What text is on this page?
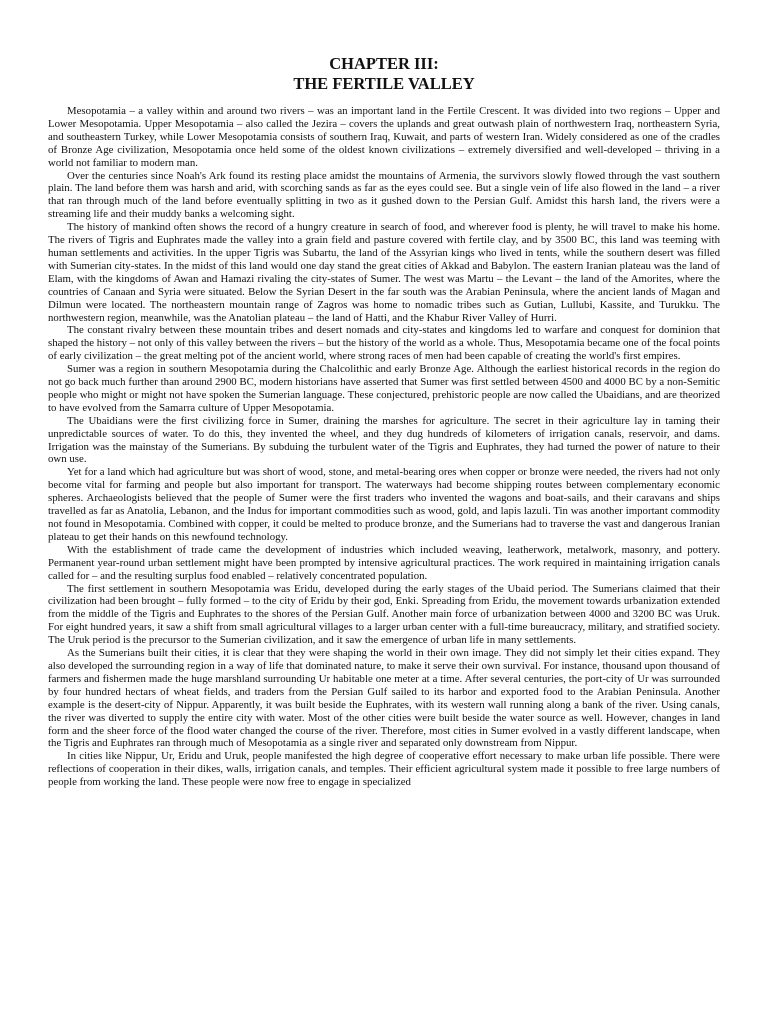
CHAPTER III:
THE FERTILE VALLEY

Mesopotamia – a valley within and around two rivers – was an important land in the Fertile Crescent. It was divided into two regions – Upper and Lower Mesopotamia. Upper Mesopotamia – also called the Jezira – covers the uplands and great outwash plain of northwestern Iraq, northeastern Syria, and southeastern Turkey, while Lower Mesopotamia consists of southern Iraq, Kuwait, and parts of western Iran. Widely considered as one of the cradles of Bronze Age civilization, Mesopotamia once held some of the oldest known civilizations – extremely diversified and well-developed – thriving in a world not familiar to modern man.

Over the centuries since Noah's Ark found its resting place amidst the mountains of Armenia, the survivors slowly flowed through the vast southern plain. The land before them was harsh and arid, with scorching sands as far as the eyes could see. But a single vein of life also flowed in the land – a river that ran through much of the land before eventually splitting in two as it gushed down to the Persian Gulf. Amidst this harsh land, the rivers were a streaming life and their muddy banks a welcoming sight.

The history of mankind often shows the record of a hungry creature in search of food, and wherever food is plenty, he will travel to make his home. The rivers of Tigris and Euphrates made the valley into a grain field and pasture covered with fertile clay, and by 3500 BC, this land was teeming with human settlements and activities. In the upper Tigris was Subartu, the land of the Assyrian kings who lived in tents, while the southern desert was filled with Sumerian city-states. In the midst of this land would one day stand the great cities of Akkad and Babylon. The eastern Iranian plateau was the land of Elam, with the kingdoms of Awan and Hamazi rivaling the city-states of Sumer. The west was Martu – the Levant – the land of the Amorites, where the countries of Canaan and Syria were situated. Below the Syrian Desert in the far south was the Arabian Peninsula, where the ancient lands of Magan and Dilmun were located. The northeastern mountain range of Zagros was home to nomadic tribes such as Gutian, Lullubi, Kassite, and Turukku. The northwestern region, meanwhile, was the Anatolian plateau – the land of Hatti, and the Khabur River Valley of Hurri.

The constant rivalry between these mountain tribes and desert nomads and city-states and kingdoms led to warfare and conquest for dominion that shaped the history – not only of this valley between the rivers – but the history of the world as a whole. Thus, Mesopotamia became one of the focal points of early civilization – the great melting pot of the ancient world, where strong races of men had been capable of creating the world's first empires.

Sumer was a region in southern Mesopotamia during the Chalcolithic and early Bronze Age. Although the earliest historical records in the region do not go back much further than around 2900 BC, modern historians have asserted that Sumer was first settled between 4500 and 4000 BC by a non-Semitic people who might or might not have spoken the Sumerian language. These conjectured, prehistoric people are now called the Ubaidians, and are theorized to have evolved from the Samarra culture of Upper Mesopotamia.

The Ubaidians were the first civilizing force in Sumer, draining the marshes for agriculture. The secret in their agriculture lay in taming their unpredictable sources of water. To do this, they invented the wheel, and they dug hundreds of kilometers of irrigation canals, reservoir, and dams. Irrigation was the mainstay of the Sumerians. By subduing the turbulent water of the Tigris and Euphrates, they had turned the power of nature to their own use.

Yet for a land which had agriculture but was short of wood, stone, and metal-bearing ores when copper or bronze were needed, the rivers had not only become vital for farming and people but also important for transport. The waterways had become shipping routes between complementary economic spheres. Archaeologists believed that the people of Sumer were the first traders who invented the wagons and boat-sails, and their caravans and ships travelled as far as Anatolia, Lebanon, and the Indus for important commodities such as wood, gold, and lapis lazuli. Tin was another important commodity not found in Mesopotamia. Combined with copper, it could be melted to produce bronze, and the Sumerians had to traverse the vast and dangerous Iranian plateau to get their hands on this newfound technology.

With the establishment of trade came the development of industries which included weaving, leatherwork, metalwork, masonry, and pottery. Permanent year-round urban settlement might have been prompted by intensive agricultural practices. The work required in maintaining irrigation canals called for – and the resulting surplus food enabled – relatively concentrated population.

The first settlement in southern Mesopotamia was Eridu, developed during the early stages of the Ubaid period. The Sumerians claimed that their civilization had been brought – fully formed – to the city of Eridu by their god, Enki. Spreading from Eridu, the movement towards urbanization extended from the middle of the Tigris and Euphrates to the shores of the Persian Gulf. Another main force of urbanization between 4000 and 3200 BC was Uruk. For eight hundred years, it saw a shift from small agricultural villages to a larger urban center with a full-time bureaucracy, military, and stratified society. The Uruk period is the precursor to the Sumerian civilization, and it saw the emergence of urban life in many settlements.

As the Sumerians built their cities, it is clear that they were shaping the world in their own image. They did not simply let their cities expand. They also developed the surrounding region in a way of life that dominated nature, to make it serve their own survival. For instance, thousand upon thousand of farmers and fishermen made the huge marshland surrounding Ur habitable one meter at a time. After several centuries, the port-city of Ur was surrounded by four hundred hectars of wheat fields, and traders from the Persian Gulf sailed to its harbor and exported food to the Arabian Peninsula. Another example is the desert-city of Nippur. Apparently, it was built beside the Euphrates, with its western wall running along a bank of the river. Using canals, the river was diverted to supply the entire city with water. Most of the other cities were built beside the water source as well. However, changes in land form and the sheer force of the flood water changed the course of the river. Therefore, most cities in Sumer evolved in a vastly different landscape, when the Tigris and Euphrates ran through much of Mesopotamia as a single river and separated only downstream from Nippur.

In cities like Nippur, Ur, Eridu and Uruk, people manifested the high degree of cooperative effort necessary to make urban life possible. There were reflections of cooperation in their dikes, walls, irrigation canals, and temples. Their efficient agricultural system made it possible to free large numbers of people from working the land. These people were now free to engage in specialized
